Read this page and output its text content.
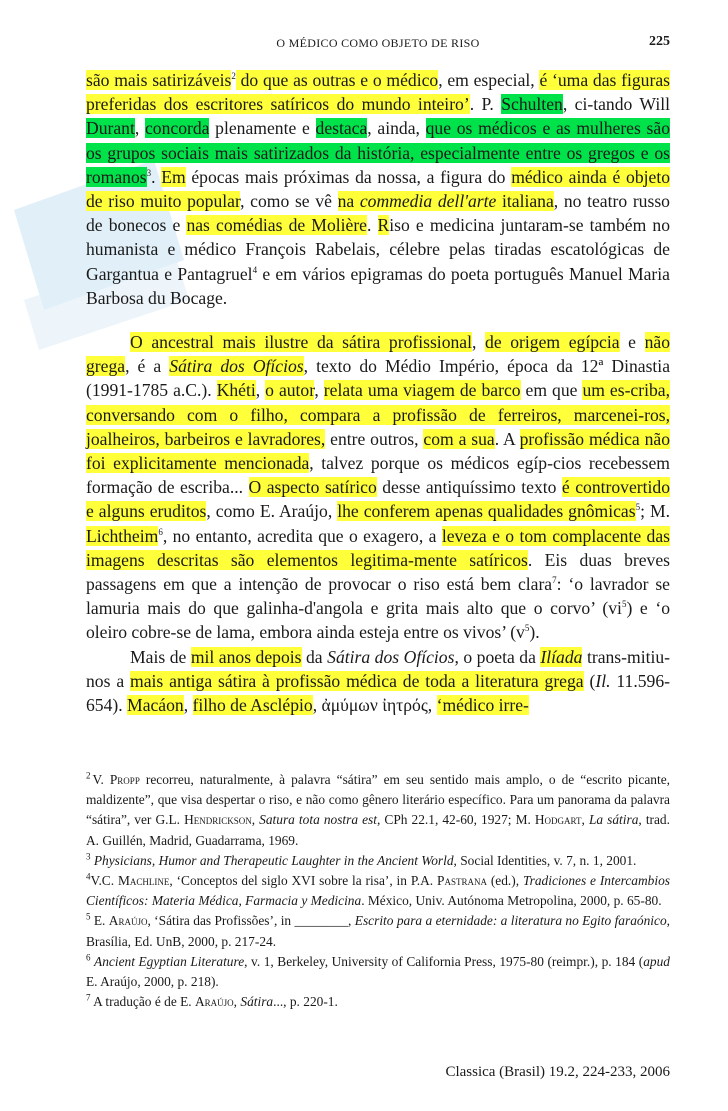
O MÉDICO COMO OBJETO DE RISO	225

são mais satirizáveis$^2$ do que as outras e o médico, em especial, é ‘uma das figuras preferidas dos escritores satíricos do mundo inteiro’. P. Schulten, ci-tando Will Durant, concorda plenamente e destaca, ainda, que os médicos e as mulheres são os grupos sociais mais satirizados da história, especialmente entre os gregos e os romanos$^3$. Em épocas mais próximas da nossa, a figura do médico ainda é objeto de riso muito popular, como se vê na commedia dell'arte italiana, no teatro russo de bonecos e nas comédias de Molière. Riso e medicina juntaram-se também no humanista e médico François Rabelais, célebre pelas tiradas escatológicas de Gargantua e Pantagruel$^4$ e em vários epigramas do poeta português Manuel Maria Barbosa du Bocage.

O ancestral mais ilustre da sátira profissional, de origem egípcia e não grega, é a Sátira dos Ofícios, texto do Médio Império, época da 12ª Dinastia (1991-1785 a.C.). Khéti, o autor, relata uma viagem de barco em que um es-criba, conversando com o filho, compara a profissão de ferreiros, marcenei-ros, joalheiros, barbeiros e lavradores, entre outros, com a sua. A profissão médica não foi explicitamente mencionada, talvez porque os médicos egíp-cios recebessem formação de escriba... O aspecto satírico desse antiquíssimo texto é controvertido e alguns eruditos, como E. Araújo, lhe conferem apenas qualidades gnômicas$^5$; M. Lichtheim$^6$, no entanto, acredita que o exagero, a leveza e o tom complacente das imagens descritas são elementos legitima-mente satíricos. Eis duas breves passagens em que a intenção de provocar o riso está bem clara$^7$: ‘o lavrador se lamuria mais do que galinha-d'angola e grita mais alto que o corvo’ $(vi^5)$ e ‘o oleiro cobre-se de lama, embora ainda esteja entre os vivos’ $(v^5)$.

Mais de mil anos depois da Sátira dos Ofícios, o poeta da Ilíada trans-mitiu-nos a mais antiga sátira à profissão médica de toda a literatura grega (Il. 11.596-654). Macáon, filho de Asclépio, ἀμύμων ἰητρός, ‘médico irre-

$^2$ V. Propp recorreu, naturalmente, à palavra “sátira” em seu sentido mais amplo, o de “escrito picante, maldizente”, que visa despertar o riso, e não como gênero literário específico. Para um panorama da palavra “sátira”, ver G.L. Hendrickson, Satura tota nostra est, CPh 22.1, 42-60, 1927; M. Hodgart, La sátira, trad. A. Guillén, Madrid, Guadarrama, 1969.

$^3$ Physicians, Humor and Therapeutic Laughter in the Ancient World, Social Identities, v. 7, n. 1, 2001.

$^4$V.C. Machline, ‘Conceptos del siglo XVI sobre la risa’, in P.A. Pastrana (ed.), Tradiciones e Intercambios Científicos: Materia Médica, Farmacia y Medicina. México, Univ. Autónoma Metropolina, 2000, p. 65-80.

$^5$ E. Araújo, ‘Sátira das Profissões’, in ________, Escrito para a eternidade: a literatura no Egito faraónico, Brasília, Ed. UnB, 2000, p. 217-24.

$^6$ Ancient Egyptian Literature, v. 1, Berkeley, University of California Press, 1975-80 (reimpr.), p. 184 (apud E. Araújo, 2000, p. 218).

$^7$ A tradução é de E. Araújo, Sátira..., p. 220-1.

Classica (Brasil) 19.2, 224-233, 2006
